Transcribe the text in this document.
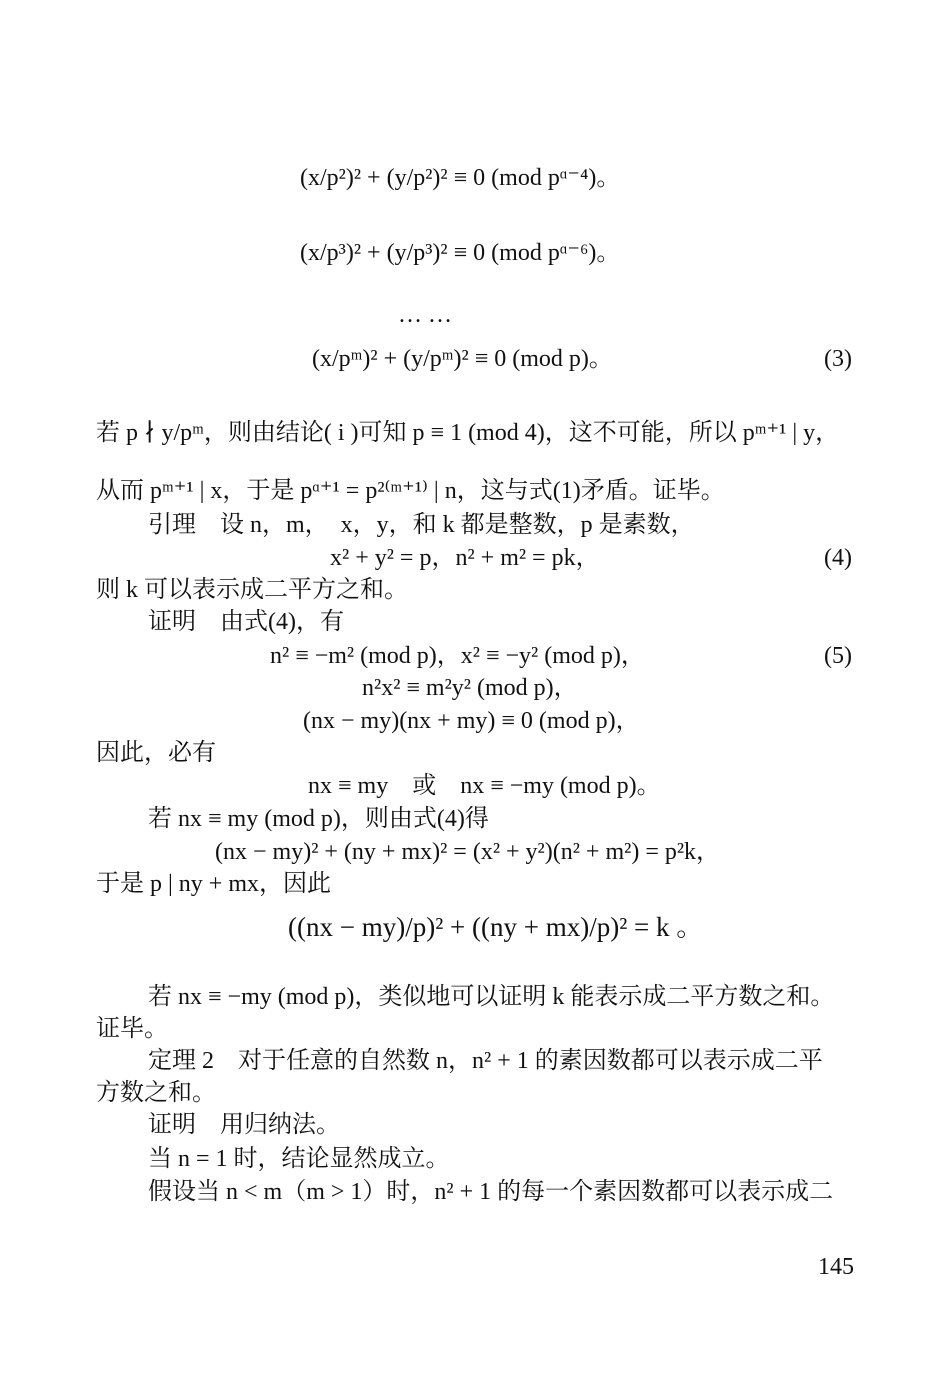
(x/p²)² + (y/p²)² ≡ 0 (mod pᵅ⁻⁴)。
(x/p³)² + (y/p³)² ≡ 0 (mod pᵅ⁻⁶)。
… …
(x/pᵐ)² + (y/pᵐ)² ≡ 0 (mod p)。	(3)
若 p ∤ y/pᵐ，则由结论( i )可知 p ≡ 1 (mod 4)，这不可能，所以 pᵐ⁺¹ | y，
从而 pᵐ⁺¹ | x，于是 pᵅ⁺¹ = p²⁽ᵐ⁺¹⁾ | n，这与式(1)矛盾。证毕。
引理　设 n，m，　x，y，和 k 都是整数，p 是素数，
x² + y² = p，n² + m² = pk，	(4)
则 k 可以表示成二平方之和。
证明　由式(4)，有
n² ≡ −m² (mod p)，x² ≡ −y² (mod p)，	(5)
n²x² ≡ m²y² (mod p)，
(nx − my)(nx + my) ≡ 0 (mod p)，
因此，必有
nx ≡ my　或　nx ≡ −my (mod p)。
若 nx ≡ my (mod p)，则由式(4)得
(nx − my)² + (ny + mx)² = (x² + y²)(n² + m²) = p²k，
于是 p | ny + mx，因此
((nx − my)/p)² + ((ny + mx)/p)² = k 。
若 nx ≡ −my (mod p)，类似地可以证明 k 能表示成二平方数之和。
证毕。
定理 2　对于任意的自然数 n，n² + 1 的素因数都可以表示成二平
方数之和。
证明　用归纳法。
当 n = 1 时，结论显然成立。
假设当 n < m（m > 1）时，n² + 1 的每一个素因数都可以表示成二
145
